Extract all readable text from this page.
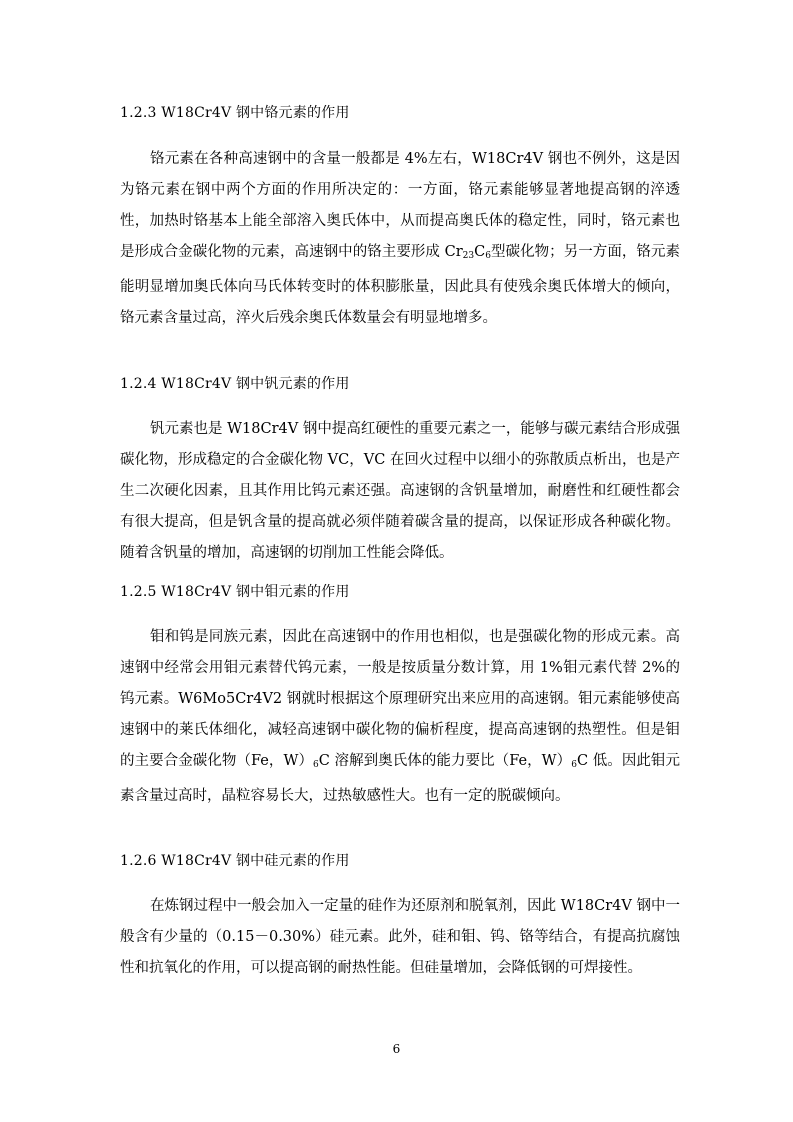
1.2.3 W18Cr4V 钢中铬元素的作用
铬元素在各种高速钢中的含量一般都是 4%左右，W18Cr4V 钢也不例外，这是因为铬元素在钢中两个方面的作用所决定的：一方面，铬元素能够显著地提高钢的淬透性，加热时铬基本上能全部溶入奥氏体中，从而提高奥氏体的稳定性，同时，铬元素也是形成合金碳化物的元素，高速钢中的铬主要形成 $Cr_{23}C_6$型碳化物；另一方面，铬元素能明显增加奥氏体向马氏体转变时的体积膨胀量，因此具有使残余奥氏体增大的倾向，铬元素含量过高，淬火后残余奥氏体数量会有明显地增多。
1.2.4 W18Cr4V 钢中钒元素的作用
钒元素也是 W18Cr4V 钢中提高红硬性的重要元素之一，能够与碳元素结合形成强碳化物，形成稳定的合金碳化物 VC，VC 在回火过程中以细小的弥散质点析出，也是产生二次硬化因素，且其作用比钨元素还强。高速钢的含钒量增加，耐磨性和红硬性都会有很大提高，但是钒含量的提高就必须伴随着碳含量的提高，以保证形成各种碳化物。随着含钒量的增加，高速钢的切削加工性能会降低。
1.2.5 W18Cr4V 钢中钼元素的作用
钼和钨是同族元素，因此在高速钢中的作用也相似，也是强碳化物的形成元素。高速钢中经常会用钼元素替代钨元素，一般是按质量分数计算，用 1%钼元素代替 2%的钨元素。W6Mo5Cr4V2 钢就时根据这个原理研究出来应用的高速钢。钼元素能够使高速钢中的莱氏体细化，减轻高速钢中碳化物的偏析程度，提高高速钢的热塑性。但是钼的主要合金碳化物（Fe，$W)_6C$ 溶解到奥氏体的能力要比（Fe，$W)_6C$ 低。因此钼元素含量过高时，晶粒容易长大，过热敏感性大。也有一定的脱碳倾向。
1.2.6 W18Cr4V 钢中硅元素的作用
在炼钢过程中一般会加入一定量的硅作为还原剂和脱氧剂，因此 W18Cr4V 钢中一般含有少量的（0.15－0.30%）硅元素。此外，硅和钼、钨、铬等结合，有提高抗腐蚀性和抗氧化的作用，可以提高钢的耐热性能。但硅量增加，会降低钢的可焊接性。
6
